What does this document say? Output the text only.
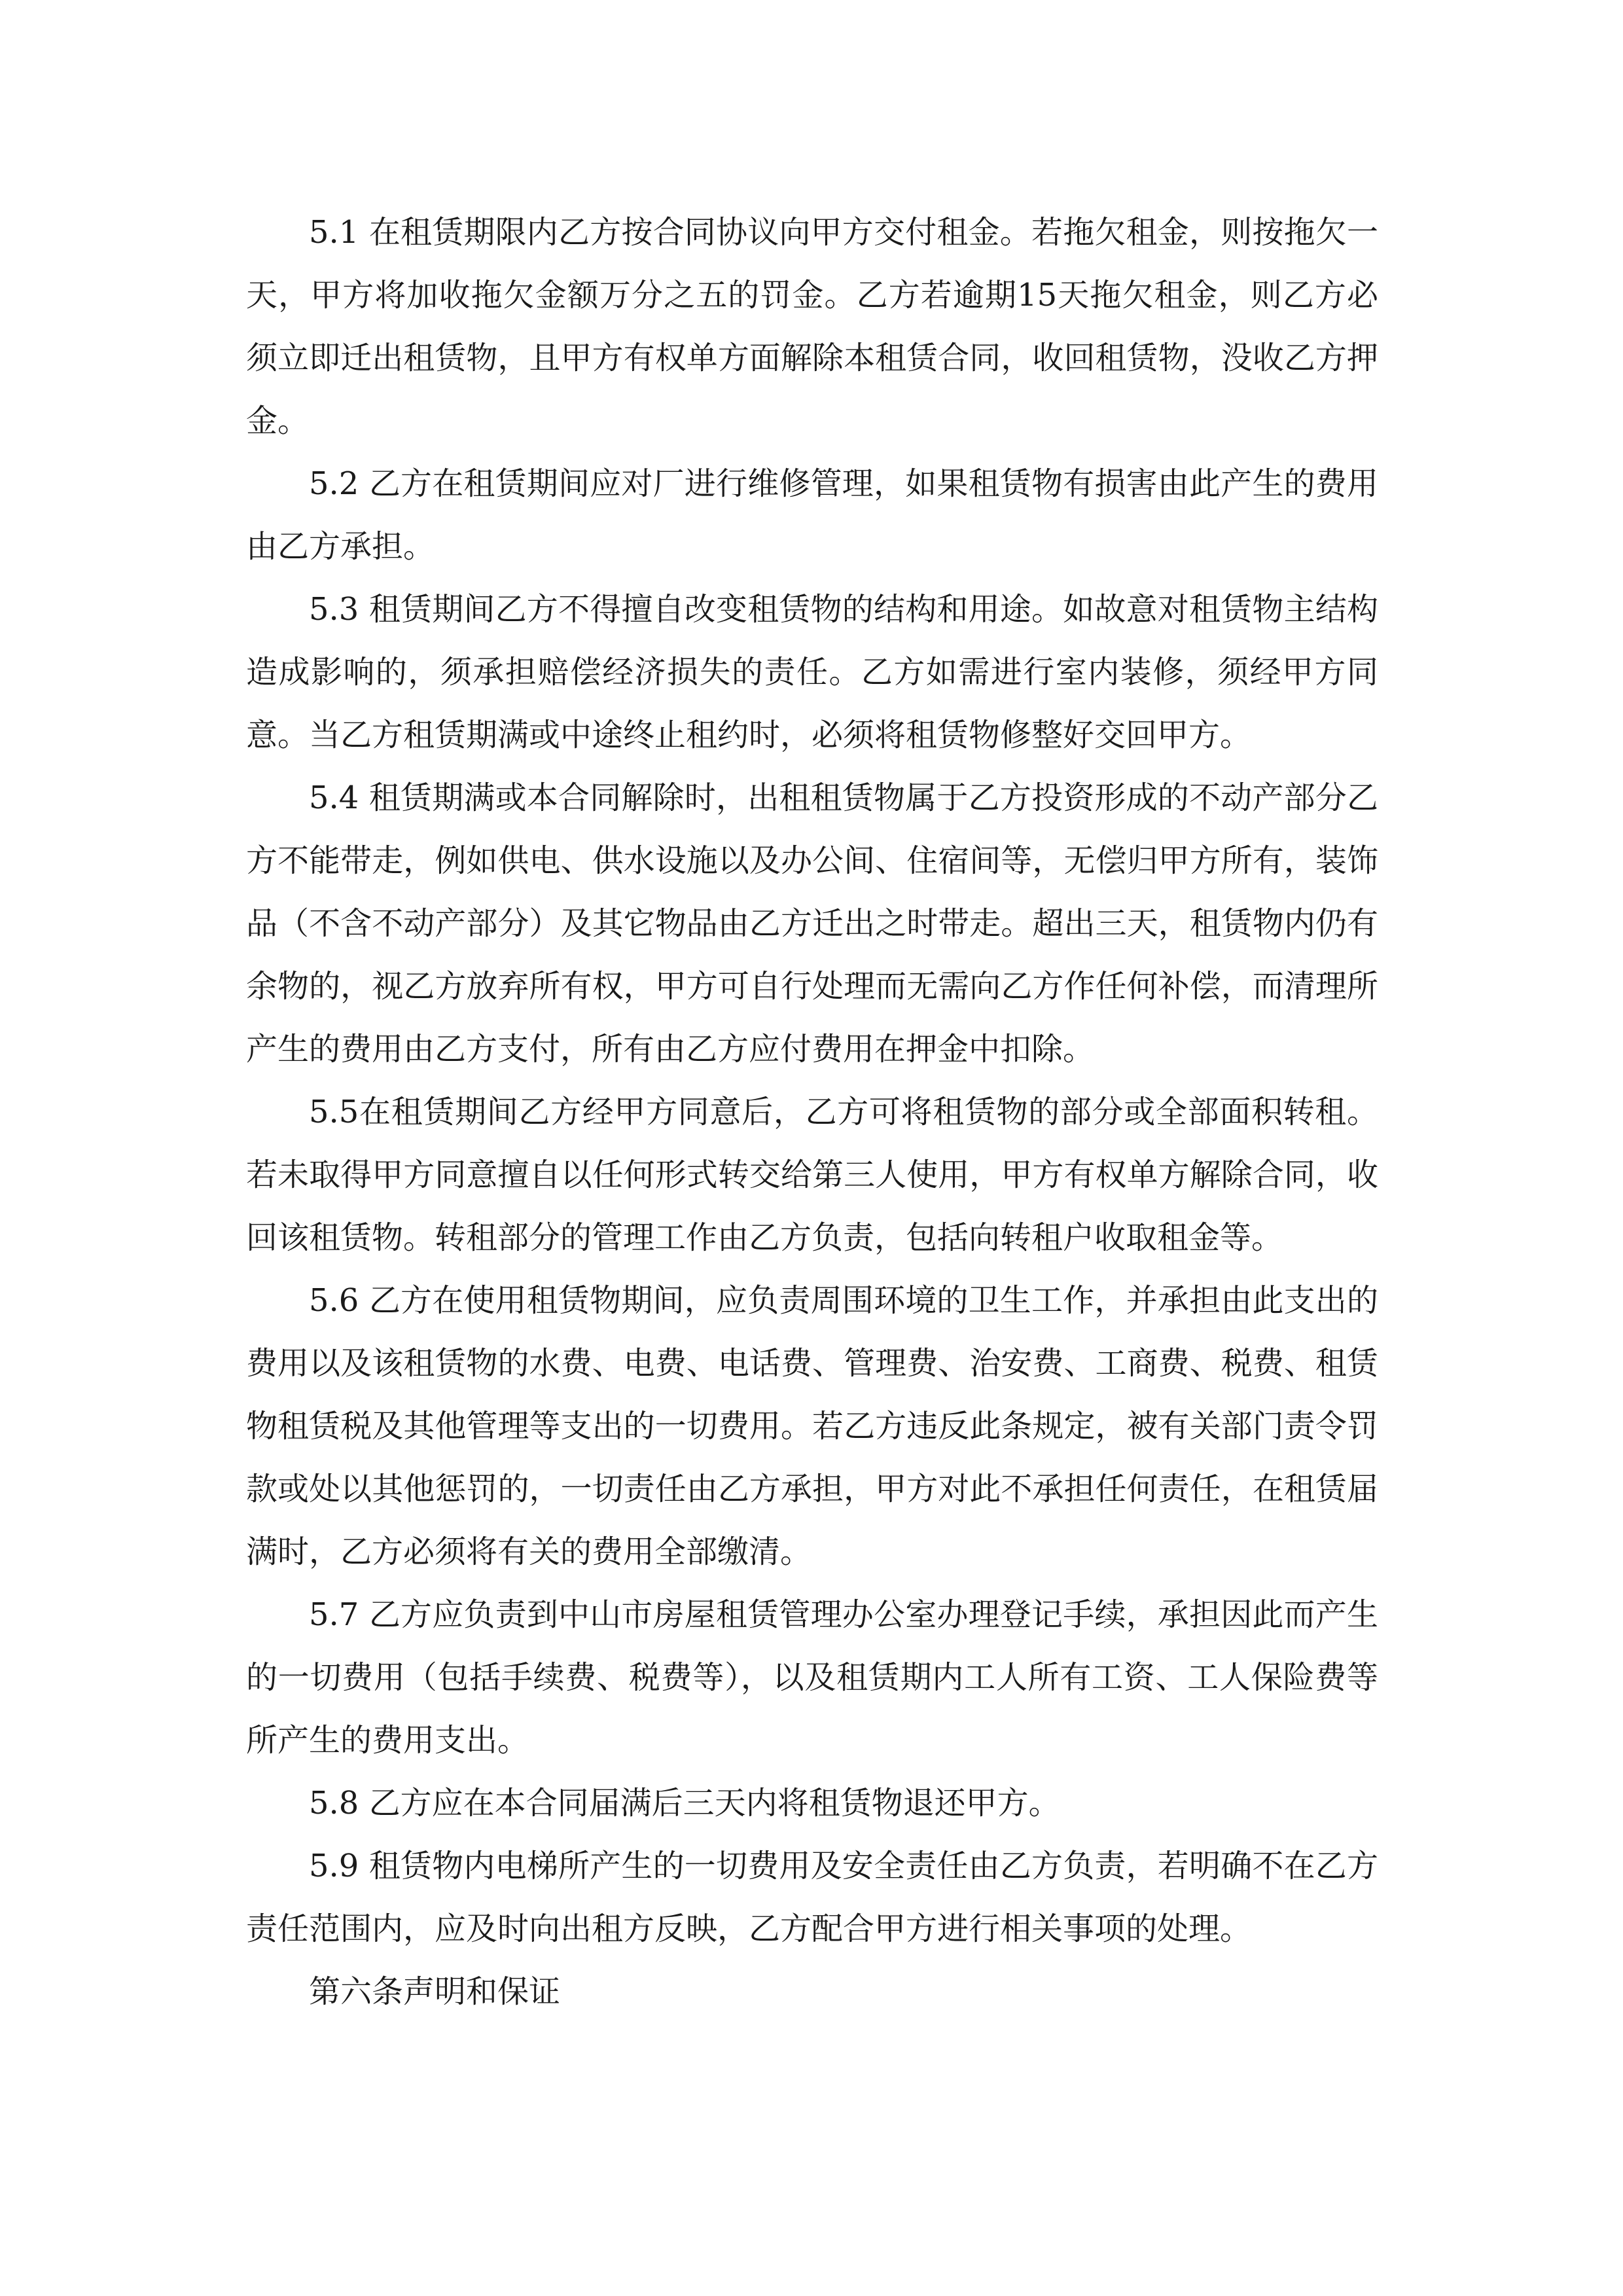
5.1 在租赁期限内乙方按合同协议向甲方交付租金。若拖欠租金，则按拖欠一天，甲方将加收拖欠金额万分之五的罚金。乙方若逾期15天拖欠租金，则乙方必须立即迁出租赁物，且甲方有权单方面解除本租赁合同，收回租赁物，没收乙方押金。

5.2 乙方在租赁期间应对厂进行维修管理，如果租赁物有损害由此产生的费用由乙方承担。

5.3 租赁期间乙方不得擅自改变租赁物的结构和用途。如故意对租赁物主结构造成影响的，须承担赔偿经济损失的责任。乙方如需进行室内装修，须经甲方同意。当乙方租赁期满或中途终止租约时，必须将租赁物修整好交回甲方。

5.4 租赁期满或本合同解除时，出租租赁物属于乙方投资形成的不动产部分乙方不能带走，例如供电、供水设施以及办公间、住宿间等，无偿归甲方所有，装饰品（不含不动产部分）及其它物品由乙方迁出之时带走。超出三天，租赁物内仍有余物的，视乙方放弃所有权，甲方可自行处理而无需向乙方作任何补偿，而清理所产生的费用由乙方支付，所有由乙方应付费用在押金中扣除。

5.5在租赁期间乙方经甲方同意后，乙方可将租赁物的部分或全部面积转租。若未取得甲方同意擅自以任何形式转交给第三人使用，甲方有权单方解除合同，收回该租赁物。转租部分的管理工作由乙方负责，包括向转租户收取租金等。

5.6 乙方在使用租赁物期间，应负责周围环境的卫生工作，并承担由此支出的费用以及该租赁物的水费、电费、电话费、管理费、治安费、工商费、税费、租赁物租赁税及其他管理等支出的一切费用。若乙方违反此条规定，被有关部门责令罚款或处以其他惩罚的，一切责任由乙方承担，甲方对此不承担任何责任，在租赁届满时，乙方必须将有关的费用全部缴清。

5.7 乙方应负责到中山市房屋租赁管理办公室办理登记手续，承担因此而产生的一切费用（包括手续费、税费等），以及租赁期内工人所有工资、工人保险费等所产生的费用支出。

5.8 乙方应在本合同届满后三天内将租赁物退还甲方。

5.9 租赁物内电梯所产生的一切费用及安全责任由乙方负责，若明确不在乙方责任范围内，应及时向出租方反映，乙方配合甲方进行相关事项的处理。

第六条声明和保证
